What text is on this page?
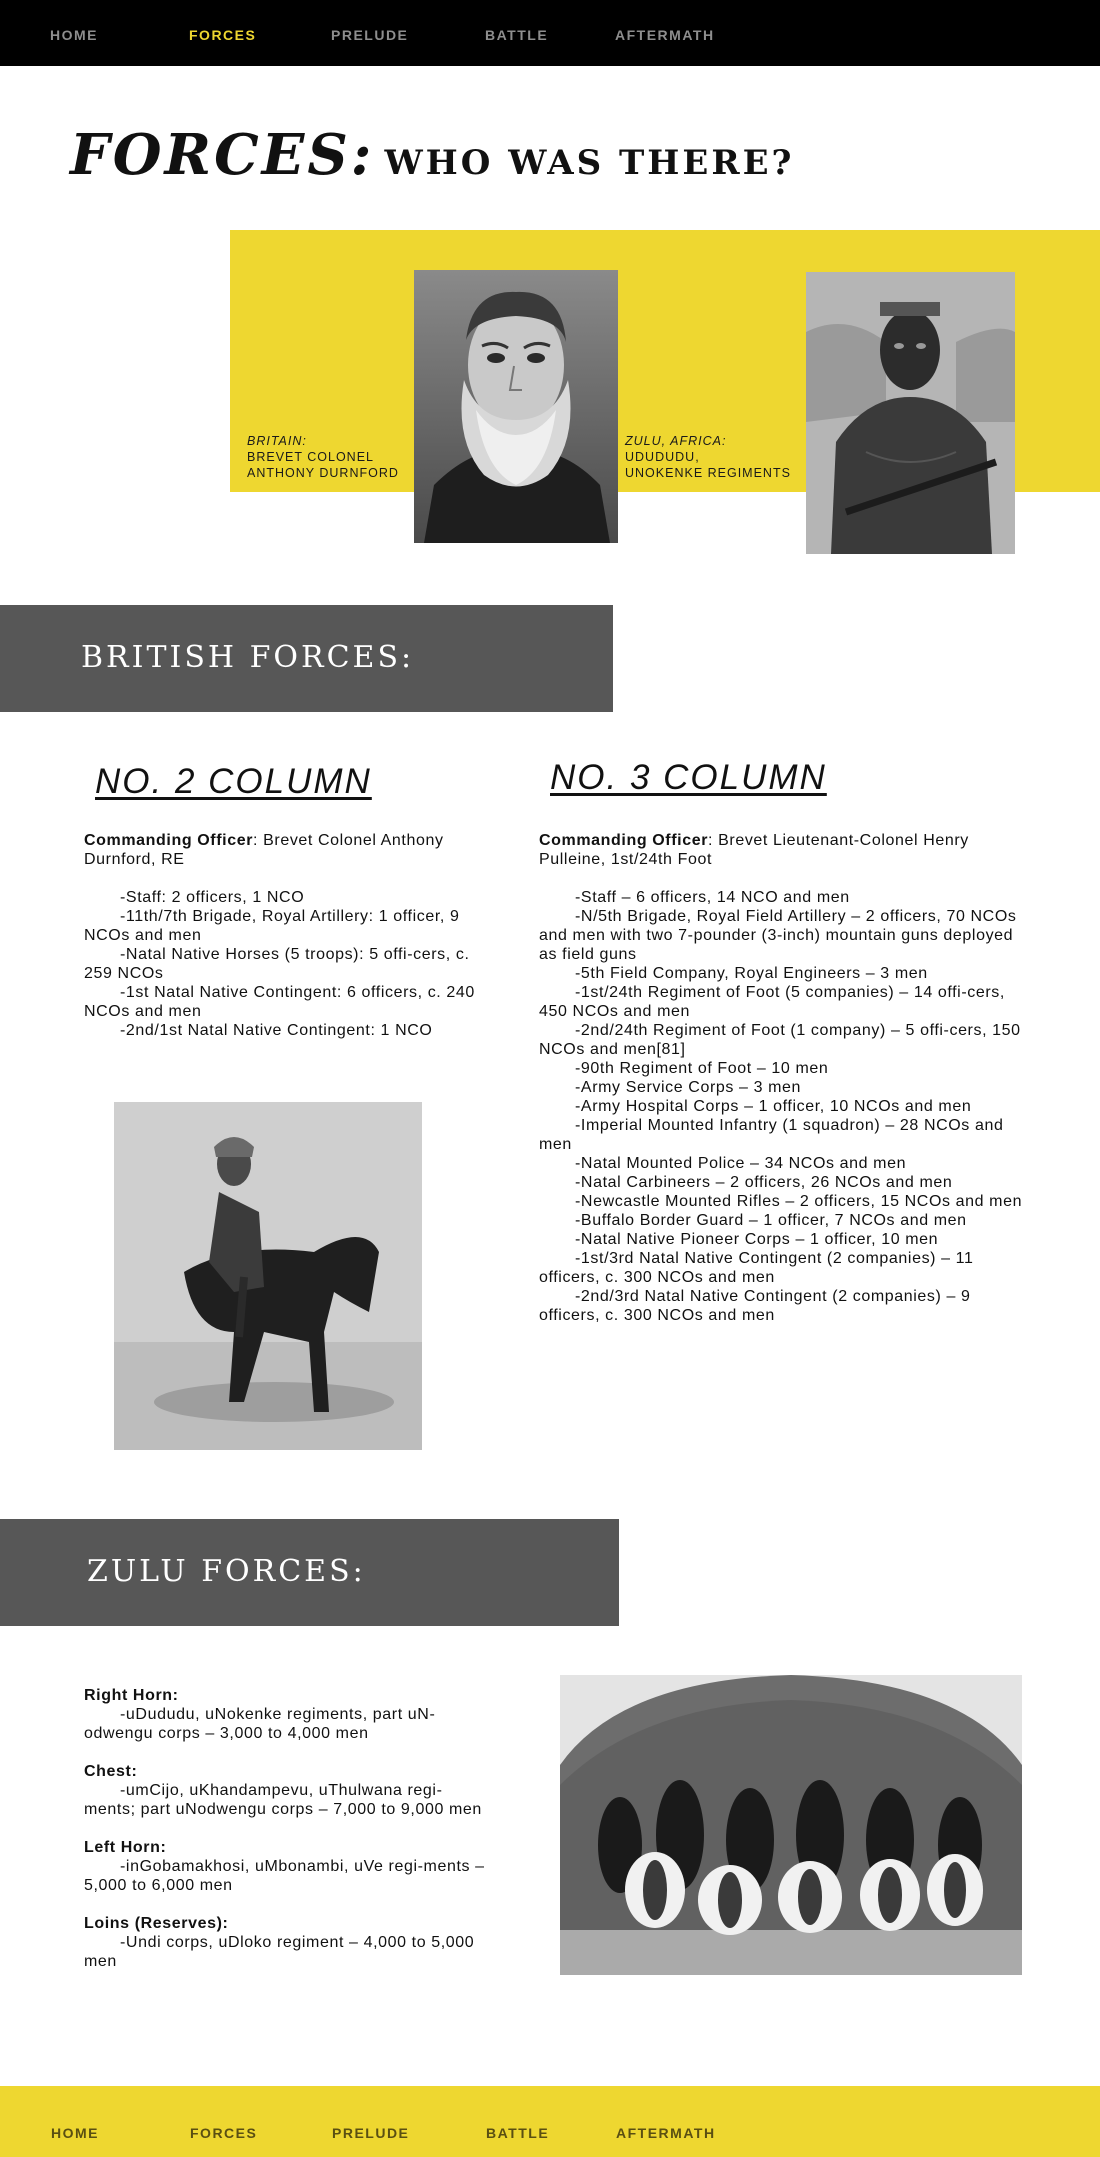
HOME	FORCES	PRELUDE	BATTLE	AFTERMATH
FORCES: WHO WAS THERE?
BRITAIN:
BREVET COLONEL
ANTHONY DURNFORD
ZULU, AFRICA:
UDUDUDU,
UNOKENKE REGIMENTS
BRITISH FORCES:
NO. 2 COLUMN	NO. 3 COLUMN
Commanding Officer: Brevet Colonel Anthony Durnford, RE
-Staff: 2 officers, 1 NCO
-11th/7th Brigade, Royal Artillery: 1 officer, 9 NCOs and men
-Natal Native Horses (5 troops): 5 offi-cers, c. 259 NCOs
-1st Natal Native Contingent: 6 officers, c. 240 NCOs and men
-2nd/1st Natal Native Contingent: 1 NCO
Commanding Officer: Brevet Lieutenant-Colonel Henry Pulleine, 1st/24th Foot
-Staff – 6 officers, 14 NCO and men
-N/5th Brigade, Royal Field Artillery – 2 officers, 70 NCOs and men with two 7-pounder (3-inch) mountain guns deployed as field guns
-5th Field Company, Royal Engineers – 3 men
-1st/24th Regiment of Foot (5 companies) – 14 offi-cers, 450 NCOs and men
-2nd/24th Regiment of Foot (1 company) – 5 offi-cers, 150 NCOs and men[81]
-90th Regiment of Foot – 10 men
-Army Service Corps – 3 men
-Army Hospital Corps – 1 officer, 10 NCOs and men
-Imperial Mounted Infantry (1 squadron) – 28 NCOs and men
-Natal Mounted Police – 34 NCOs and men
-Natal Carbineers – 2 officers, 26 NCOs and men
-Newcastle Mounted Rifles – 2 officers, 15 NCOs and men
-Buffalo Border Guard – 1 officer, 7 NCOs and men
-Natal Native Pioneer Corps – 1 officer, 10 men
-1st/3rd Natal Native Contingent (2 companies) – 11 officers, c. 300 NCOs and men
-2nd/3rd Natal Native Contingent (2 companies) – 9 officers, c. 300 NCOs and men
ZULU FORCES:
Right Horn:
-uDududu, uNokenke regiments, part uN-odwengu corps – 3,000 to 4,000 men
Chest:
-umCijo, uKhandampevu, uThulwana regi-ments; part uNodwengu corps – 7,000 to 9,000 men
Left Horn:
-inGobamakhosi, uMbonambi, uVe regi-ments – 5,000 to 6,000 men
Loins (Reserves):
-Undi corps, uDloko regiment – 4,000 to 5,000 men
HOME	FORCES	PRELUDE	BATTLE	AFTERMATH
